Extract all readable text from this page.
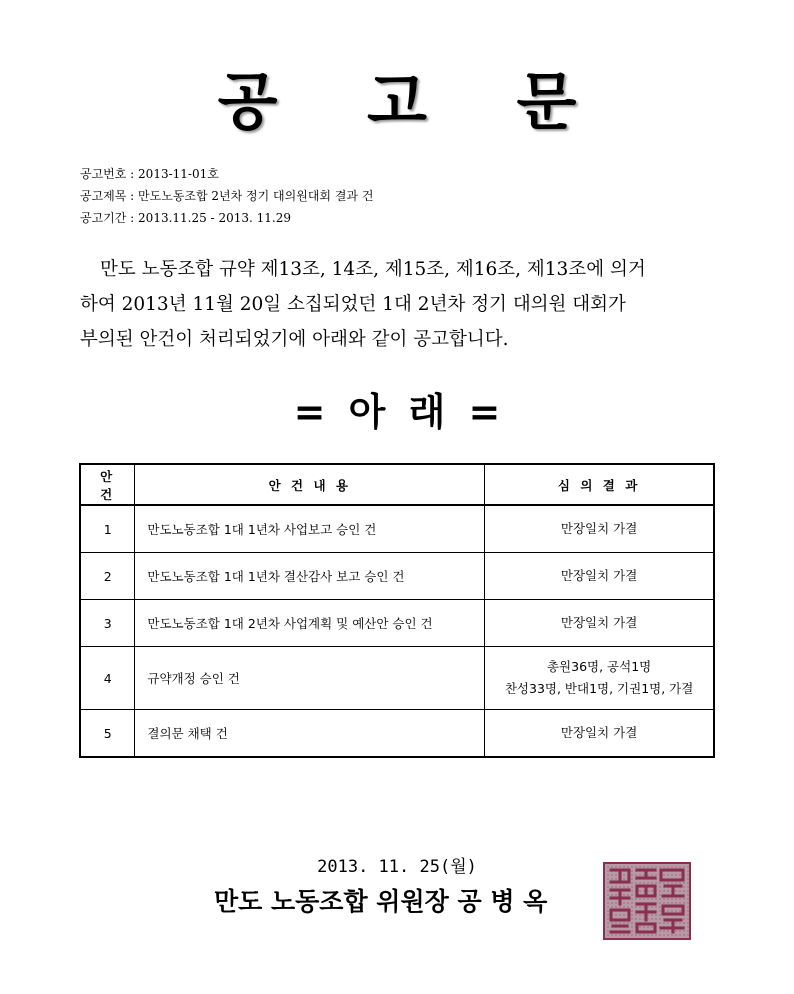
공 고 문
공고번호 : 2013-11-01호
공고제목 : 만도노동조합 2년차 정기 대의원대회 결과 건
공고기간 : 2013.11.25 - 2013. 11.29
만도 노동조합 규약 제13조, 14조, 제15조, 제16조, 제13조에 의거
하여 2013년 11월 20일 소집되었던 1대 2년차 정기 대의원 대회가
부의된 안건이 처리되었기에 아래와 같이 공고합니다.
= 아 래 =
안 건	안 건 내 용	심 의 결 과
1	만도노동조합 1대 1년차 사업보고 승인 건	만장일치 가결

2	만도노동조합 1대 1년차 결산감사 보고 승인 건	만장일치 가결

3	만도노동조합 1대 2년차 사업계획 및 예산안 승인 건	만장일치 가결

4	규약개정 승인 건	총원36명, 공석1명
찬성33명, 반대1명, 기권1명, 가결

5	결의문 채택 건	만장일치 가결
2013. 11. 25(월)
만도 노동조합 위원장 공 병 옥
